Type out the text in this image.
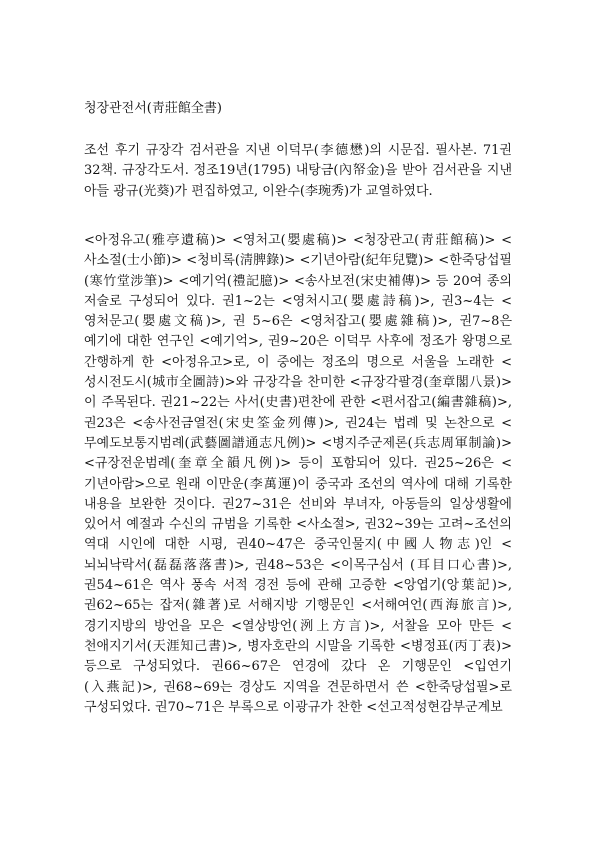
청장관전서(靑莊館全書)
조선 후기 규장각 검서관을 지낸 이덕무(李德懋)의 시문집. 필사본. 71권 32책. 규장각도서. 정조19년(1795) 내탕금(內帑金)을 받아 검서관을 지낸 아들 광규(光葵)가 편집하였고, 이완수(李琬秀)가 교열하였다.
<아정유고(雅亭遺稿)> <영처고(嬰處稿)> <청장관고(靑莊館稿)> <사소절(士小節)> <청비록(淸脾錄)> <기년아람(紀年兒覽)> <한죽당섭필(寒竹堂涉筆)> <예기억(禮記臆)> <송사보전(宋史補傳)> 등 20여 종의 저술로 구성되어 있다. 권1~2는 <영처시고(嬰處詩稿)>, 권3~4는 <영처문고(嬰處文稿)>, 권 5~6은 <영처잡고(嬰處雜稿)>, 권7~8은 예기에 대한 연구인 <예기억>, 권9~20은 이덕무 사후에 정조가 왕명으로 간행하게 한 <아정유고>로, 이 중에는 정조의 명으로 서울을 노래한 <성시전도시(城市全圖詩)>와 규장각을 찬미한 <규장각팔경(奎章閣八景)>이 주목된다. 권21~22는 사서(史書)편찬에 관한 <편서잡고(編書雜稿)>, 권23은 <송사전금열전(宋史筌金列傳)>, 권24는 법례 및 논찬으로 <무예도보통지범례(武藝圖譜通志凡例)> <병지주군제론(兵志周軍制論)> <규장전운범례(奎章全韻凡例)> 등이 포함되어 있다. 권25~26은 <기년아람>으로 원래 이만운(李萬運)이 중국과 조선의 역사에 대해 기록한 내용을 보완한 것이다. 권27~31은 선비와 부녀자, 아동들의 일상생활에 있어서 예절과 수신의 규범을 기록한 <사소절>, 권32~39는 고려~조선의 역대 시인에 대한 시평, 권40~47은 중국인물지(中國人物志)인 <뇌뇌낙락서(磊磊落落書)>, 권48~53은 <이목구심서 (耳目口心書)>, 권54~61은 역사 풍속 서적 경전 등에 관해 고증한 <앙엽기(앙葉記)>, 권62~65는 잡저(雜著)로 서해지방 기행문인 <서해여언(西海旅言)>, 경기지방의 방언을 모은 <열상방언(洌上方言)>, 서찰을 모아 만든 <천애지기서(天涯知己書)>, 병자호란의 시말을 기록한 <병정표(丙丁表)> 등으로 구성되었다. 권66~67은 연경에 갔다 온 기행문인 <입연기(入燕記)>, 권68~69는 경상도 지역을 견문하면서 쓴 <한죽당섭필>로 구성되었다. 권70~71은 부록으로 이광규가 찬한 <선고적성현감부군계보
